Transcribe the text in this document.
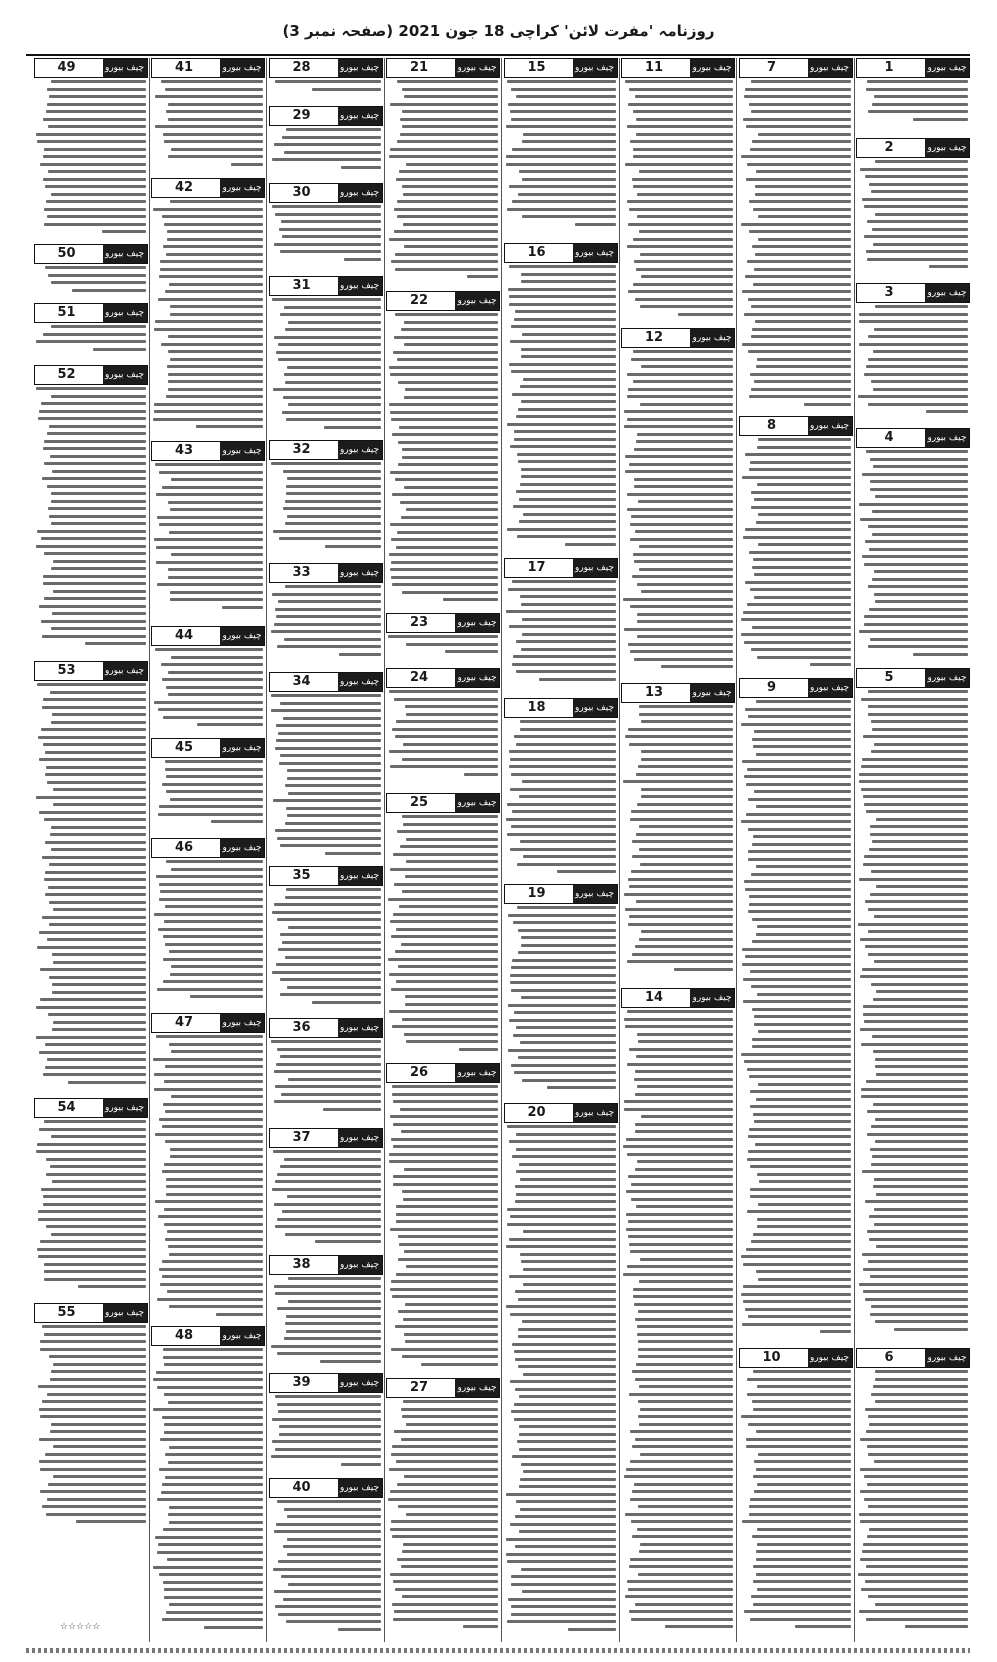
روزنامہ 'مفرت لائن' کراچی 18 جون 2021 (صفحہ نمبر 3)
چیف بیورو
1
چیف بیورو
2
چیف بیورو
3
چیف بیورو
4
چیف بیورو
5
چیف بیورو
6
چیف بیورو
7
چیف بیورو
8
چیف بیورو
9
چیف بیورو
10
چیف بیورو
11
چیف بیورو
12
چیف بیورو
13
چیف بیورو
14
چیف بیورو
15
چیف بیورو
16
چیف بیورو
17
چیف بیورو
18
چیف بیورو
19
چیف بیورو
20
چیف بیورو
21
چیف بیورو
22
چیف بیورو
23
چیف بیورو
24
چیف بیورو
25
چیف بیورو
26
چیف بیورو
27
چیف بیورو
28
چیف بیورو
29
چیف بیورو
30
چیف بیورو
31
چیف بیورو
32
چیف بیورو
33
چیف بیورو
34
چیف بیورو
35
چیف بیورو
36
چیف بیورو
37
چیف بیورو
38
چیف بیورو
39
چیف بیورو
40
چیف بیورو
41
چیف بیورو
42
چیف بیورو
43
چیف بیورو
44
چیف بیورو
45
چیف بیورو
46
چیف بیورو
47
چیف بیورو
48
چیف بیورو
49
چیف بیورو
50
چیف بیورو
51
چیف بیورو
52
چیف بیورو
53
چیف بیورو
54
چیف بیورو
55
☆☆☆☆☆
